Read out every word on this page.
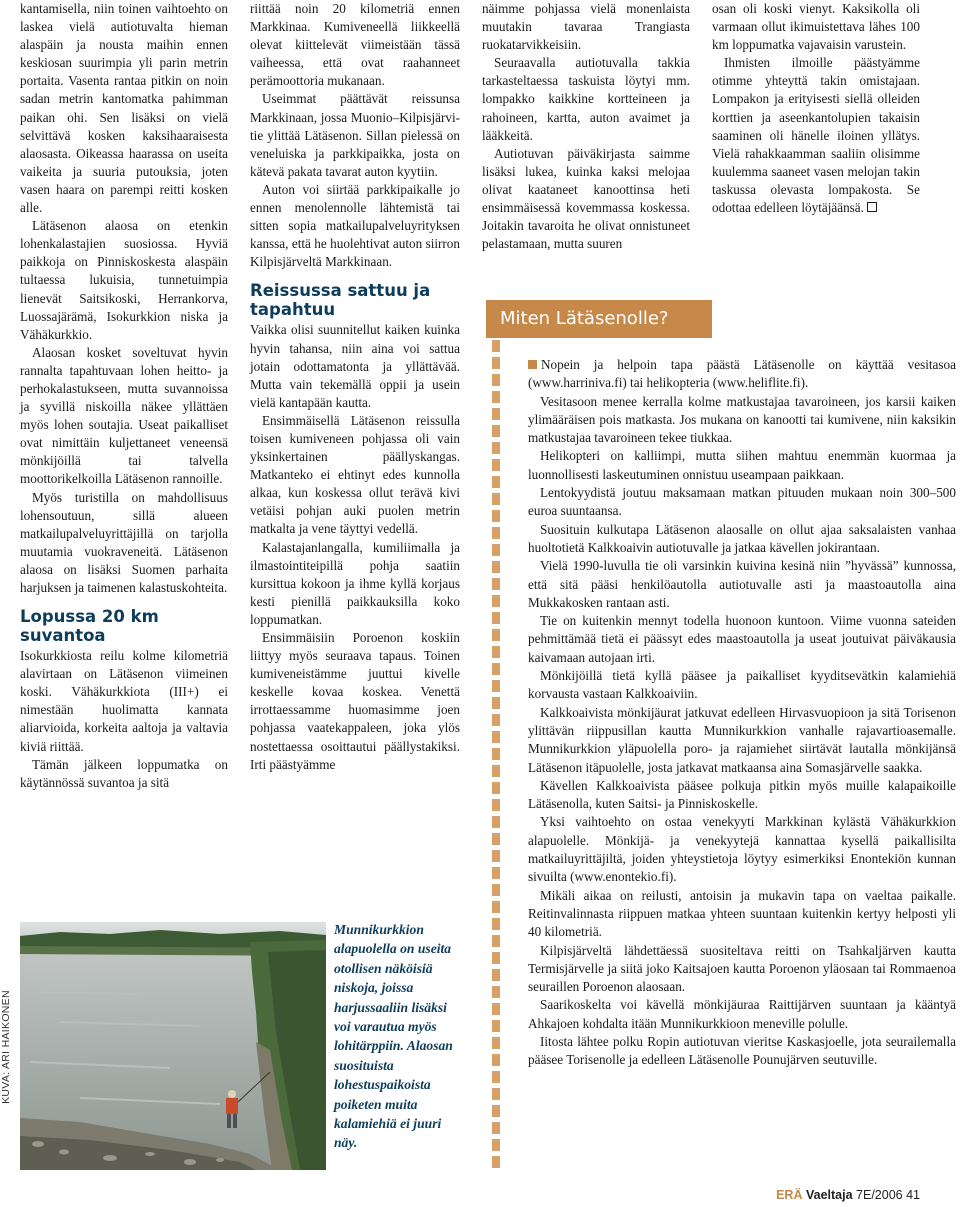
kantamisella, niin toinen vaihtoehto on laskea vielä autiotuvalta hieman alaspäin ja nousta maihin ennen keskiosan suurimpia yli parin metrin portaita. Vasenta rantaa pitkin on noin sadan metrin kantomatka pahimman paikan ohi. Sen lisäksi on vielä selvittävä kosken kaksihaaraisesta alaosasta. Oikeassa haarassa on useita vaikeita ja suuria putouksia, joten vasen haara on parempi reitti kosken alle.

Lätäsenon alaosa on etenkin lohenkalastajien suosiossa. Hyviä paikkoja on Pinniskoskesta alaspäin tultaessa lukuisia, tunnetuimpia lienevät Saitsikoski, Herrankorva, Luossajärämä, Isokurkkion niska ja Vähäkurkkio.

Alaosan kosket soveltuvat hyvin rannalta tapahtuvaan lohen heitto- ja perhokalastukseen, mutta suvannoissa ja syvillä niskoilla näkee yllättäen myös lohen soutajia. Useat paikalliset ovat nimittäin kuljettaneet veneensä mönkijöillä tai talvella moottorikelkoilla Lätäsenon rannoille.

Myös turistilla on mahdollisuus lohensoutuun, sillä alueen matkailupalveluyrittäjillä on tarjolla muutamia vuokraveneitä. Lätäsenon alaosa on lisäksi Suomen parhaita harjuksen ja taimenen kalastuskohteita.

Lopussa 20 km suvantoa

Isokurkkiosta reilu kolme kilometriä alavirtaan on Lätäsenon viimeinen koski. Vähäkurkkiota (III+) ei nimestään huolimatta kannata aliarvioida, korkeita aaltoja ja valtavia kiviä riittää.

Tämän jälkeen loppumatka on käytännössä suvantoa ja sitä

riittää noin 20 kilometriä ennen Markkinaa. Kumiveneellä liikkeellä olevat kiittelevät viimeistään tässä vaiheessa, että ovat raahanneet perämoottoria mukanaan.

Useimmat päättävät reissunsa Markkinaan, jossa Muonio–Kilpisjärvi-tie ylittää Lätäsenon. Sillan pielessä on veneluiska ja parkkipaikka, josta on kätevä pakata tavarat auton kyytiin.

Auton voi siirtää parkkipaikalle jo ennen menolennolle lähtemistä tai sitten sopia matkailupalveluyrityksen kanssa, että he huolehtivat auton siirron Kilpisjärveltä Markkinaan.

Reissussa sattuu ja tapahtuu

Vaikka olisi suunnitellut kaiken kuinka hyvin tahansa, niin aina voi sattua jotain odottamatonta ja yllättävää. Mutta vain tekemällä oppii ja usein vielä kantapään kautta.

Ensimmäisellä Lätäsenon reissulla toisen kumiveneen pohjassa oli vain yksinkertainen päällyskangas. Matkanteko ei ehtinyt edes kunnolla alkaa, kun koskessa ollut terävä kivi vetäisi pohjan auki puolen metrin matkalta ja vene täyttyi vedellä.

Kalastajanlangalla, kumiliimalla ja ilmastointiteipillä pohja saatiin kursittua kokoon ja ihme kyllä korjaus kesti pienillä paikkauksilla koko loppumatkan.

Ensimmäisiin Poroenon koskiin liittyy myös seuraava tapaus. Toinen kumiveneistämme juuttui kivelle keskelle kovaa koskea. Venettä irrottaessamme huomasimme joen pohjassa vaatekappaleen, joka ylös nostettaessa osoittautui päällystakiksi. Irti päästyämme

näimme pohjassa vielä monenlaista muutakin tavaraa Trangiasta ruokatarvikkeisiin.

Seuraavalla autiotuvalla takkia tarkasteltaessa taskuista löytyi mm. lompakko kaikkine kortteineen ja rahoineen, kartta, auton avaimet ja lääkkeitä.

Autiotuvan päiväkirjasta saimme lisäksi lukea, kuinka kaksi melojaa olivat kaataneet kanoottinsa heti ensimmäisessä kovemmassa koskessa. Joitakin tavaroita he olivat onnistuneet pelastamaan, mutta suuren

osan oli koski vienyt. Kaksikolla oli varmaan ollut ikimuistettava lähes 100 km loppumatka vajavaisin varustein.

Ihmisten ilmoille päästyämme otimme yhteyttä takin omistajaan. Lompakon ja erityisesti siellä olleiden korttien ja aseenkantolupien takaisin saaminen oli hänelle iloinen yllätys. Vielä rahakkaamman saaliin olisimme kuulemma saaneet vasen melojan takin taskussa olevasta lompakosta. Se odottaa edelleen löytäjäänsä.

KUVA: ARI HAIKONEN
Munnikurkkion alapuolella on useita otollisen näköisiä niskoja, joissa harjussaaliin lisäksi voi varautua myös lohitärppiin. Alaosan suosituista lohestuspaikoista poiketen muita kalamiehiä ei juuri näy.
Miten Lätäsenolle?

Nopein ja helpoin tapa päästä Lätäsenolle on käyttää vesitasoa (www.harriniva.fi) tai helikopteria (www.heliflite.fi).

Vesitasoon menee kerralla kolme matkustajaa tavaroineen, jos karsii kaiken ylimääräisen pois matkasta. Jos mukana on kanootti tai kumivene, niin kaksikin matkustajaa tavaroineen tekee tiukkaa.

Helikopteri on kalliimpi, mutta siihen mahtuu enemmän kuormaa ja luonnollisesti laskeutuminen onnistuu useampaan paikkaan.

Lentokyydistä joutuu maksamaan matkan pituuden mukaan noin 300–500 euroa suuntaansa.

Suosituin kulkutapa Lätäsenon alaosalle on ollut ajaa saksalaisten vanhaa huoltotietä Kalkkoaivin autiotuvalle ja jatkaa kävellen jokirantaan.

Vielä 1990-luvulla tie oli varsinkin kuivina kesinä niin ”hyvässä” kunnossa, että sitä pääsi henkilöautolla autiotuvalle asti ja maastoautolla aina Mukkakosken rantaan asti.

Tie on kuitenkin mennyt todella huonoon kuntoon. Viime vuonna sateiden pehmittämää tietä ei päässyt edes maastoautolla ja useat joutuivat päiväkausia kaivamaan autojaan irti.

Mönkijöillä tietä kyllä pääsee ja paikalliset kyyditsevätkin kalamiehiä korvausta vastaan Kalkkoaiviin.

Kalkkoaivista mönkijäurat jatkuvat edelleen Hirvasvuopioon ja sitä Torisenon ylittävän riippusillan kautta Munnikurkkion vanhalle rajavartioasemalle. Munnikurkkion yläpuolella poro- ja rajamiehet siirtävät lautalla mönkijänsä Lätäsenon itäpuolelle, josta jatkavat matkaansa aina Somasjärvelle saakka.

Kävellen Kalkkoaivista pääsee polkuja pitkin myös muille kalapaikoille Lätäsenolla, kuten Saitsi- ja Pinniskoskelle.

Yksi vaihtoehto on ostaa venekyyti Markkinan kylästä Vähäkurkkion alapuolelle. Mönkijä- ja venekyytejä kannattaa kysellä paikallisilta matkailuyrittäjiltä, joiden yhteystietoja löytyy esimerkiksi Enontekiön kunnan sivuilta (www.enontekio.fi).

Mikäli aikaa on reilusti, antoisin ja mukavin tapa on vaeltaa paikalle. Reitinvalinnasta riippuen matkaa yhteen suuntaan kuitenkin kertyy helposti yli 40 kilometriä.

Kilpisjärveltä lähdettäessä suositeltava reitti on Tsahkaljärven kautta Termisjärvelle ja siitä joko Kaitsajoen kautta Poroenon yläosaan tai Rommaenoa seuraillen Poroenon alaosaan.

Saarikoskelta voi kävellä mönkijäuraa Raittijärven suuntaan ja kääntyä Ahkajoen kohdalta itään Munnikurkkioon meneville polulle.

Iitosta lähtee polku Ropin autiotuvan vieritse Kaskasjoelle, jota seurailemalla pääsee Torisenolle ja edelleen Lätäsenolle Pounujärven seutuville.

ERÄ Vaeltaja 7E/2006 41
